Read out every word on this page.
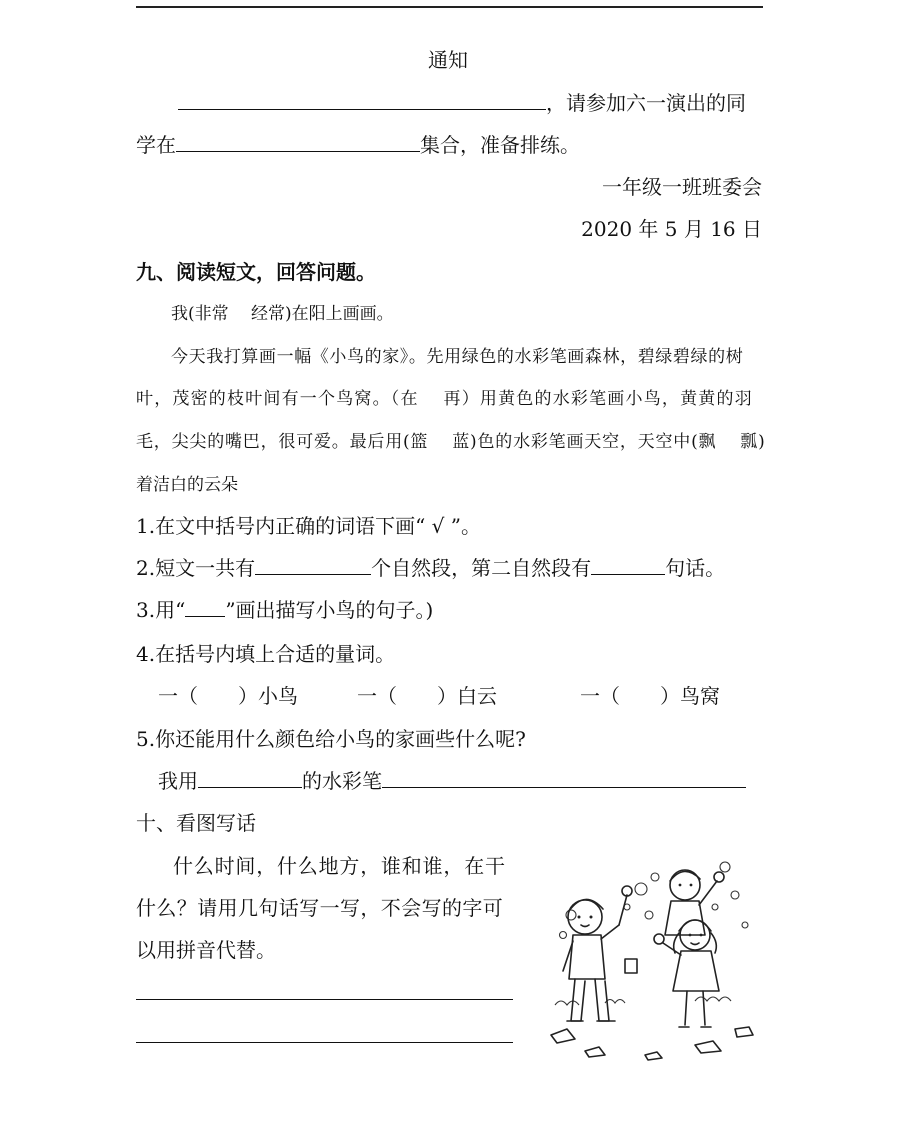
通知
，请参加六一演出的同
学在	集合，准备排练。
一年级一班班委会
2020 年 5 月 16 日
九、阅读短文，回答问题。
我(非常　 经常)在阳上画画。
今天我打算画一幅《小鸟的家》。先用绿色的水彩笔画森林，碧绿碧绿的树
叶，茂密的枝叶间有一个鸟窝。（在　 再）用黄色的水彩笔画小鸟，黄黄的羽
毛，尖尖的嘴巴，很可爱。最后用(篮　 蓝)色的水彩笔画天空，天空中(飘　 瓢)
着洁白的云朵
1.在文中括号内正确的词语下画“ √ ”。
2.短文一共有	个自然段，第二自然段有	句话。
3.用“ ”画出描写小鸟的句子。)
4.在括号内填上合适的量词。
一（　　）小鸟	一（　　）白云	一（　　）鸟窝
5.你还能用什么颜色给小鸟的家画些什么呢?
我用	的水彩笔
十、看图写话
什么时间，什么地方，谁和谁，在干
什么？请用几句话写一写，不会写的字可
以用拼音代替。
